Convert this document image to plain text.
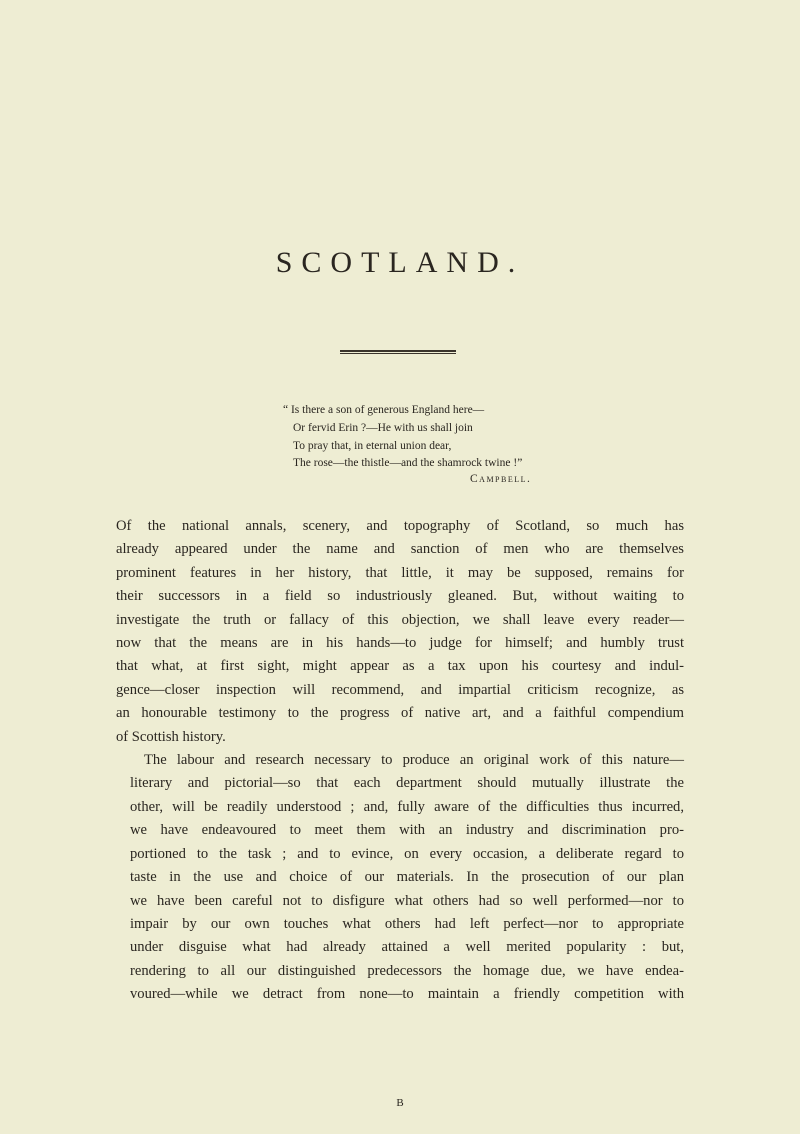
SCOTLAND.
“ Is there a son of generous England here—
Or fervid Erin ?—He with us shall join
To pray that, in eternal union dear,
The rose—the thistle—and the shamrock twine !”
Campbell.

Of the national annals, scenery, and topography of Scotland, so much has
already appeared under the name and sanction of men who are themselves
prominent features in her history, that little, it may be supposed, remains for
their successors in a field so industriously gleaned. But, without waiting to
investigate the truth or fallacy of this objection, we shall leave every reader—
now that the means are in his hands—to judge for himself; and humbly trust
that what, at first sight, might appear as a tax upon his courtesy and indul-
gence—closer inspection will recommend, and impartial criticism recognize, as
an honourable testimony to the progress of native art, and a faithful compendium
of Scottish history.

The labour and research necessary to produce an original work of this nature—
literary and pictorial—so that each department should mutually illustrate the
other, will be readily understood ; and, fully aware of the difficulties thus incurred,
we have endeavoured to meet them with an industry and discrimination pro-
portioned to the task ; and to evince, on every occasion, a deliberate regard to
taste in the use and choice of our materials. In the prosecution of our plan
we have been careful not to disfigure what others had so well performed—nor to
impair by our own touches what others had left perfect—nor to appropriate
under disguise what had already attained a well merited popularity : but,
rendering to all our distinguished predecessors the homage due, we have endea-
voured—while we detract from none—to maintain a friendly competition with

B
